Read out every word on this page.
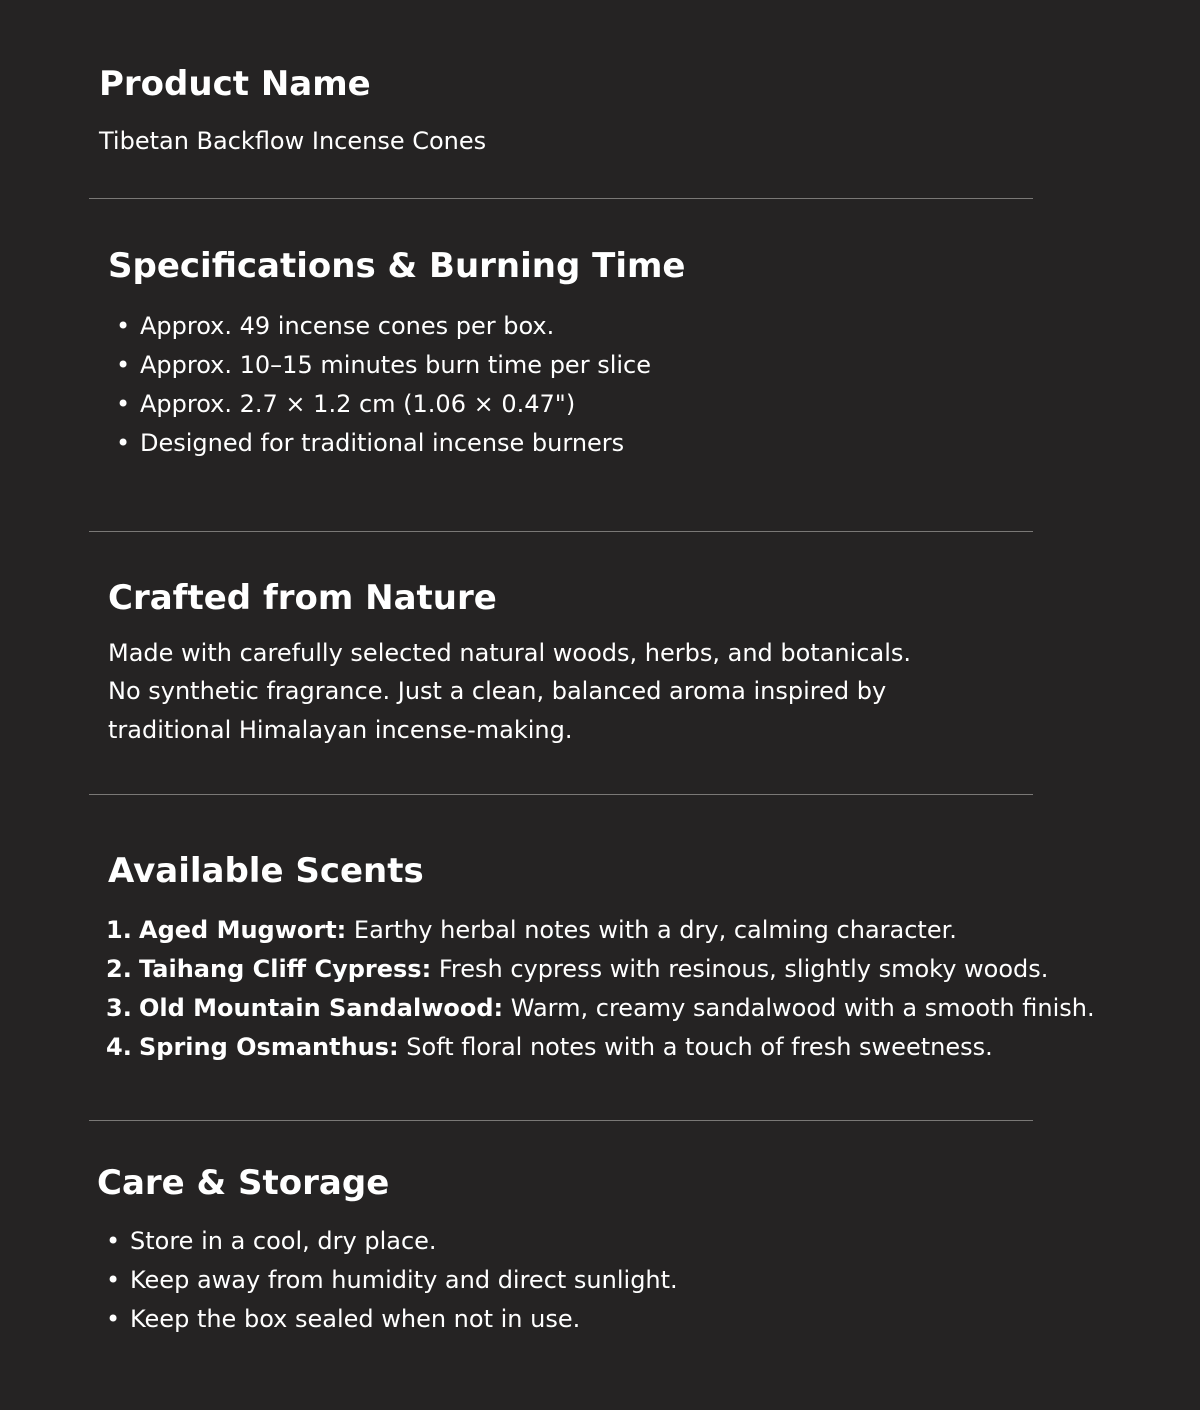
Product Name

Tibetan Backflow Incense Cones

Specifications & Burning Time
• Approx. 49 incense cones per box.
• Approx. 10–15 minutes burn time per slice
• Approx. 2.7 × 1.2 cm (1.06 × 0.47")
• Designed for traditional incense burners
Crafted from Nature

Made with carefully selected natural woods, herbs, and botanicals.

No synthetic fragrance. Just a clean, balanced aroma inspired by

traditional Himalayan incense-making.

Available Scents
1. Aged Mugwort: Earthy herbal notes with a dry, calming character.
2. Taihang Cliff Cypress: Fresh cypress with resinous, slightly smoky woods.
3. Old Mountain Sandalwood: Warm, creamy sandalwood with a smooth finish.
4. Spring Osmanthus: Soft floral notes with a touch of fresh sweetness.
Care & Storage
• Store in a cool, dry place.
• Keep away from humidity and direct sunlight.
• Keep the box sealed when not in use.
